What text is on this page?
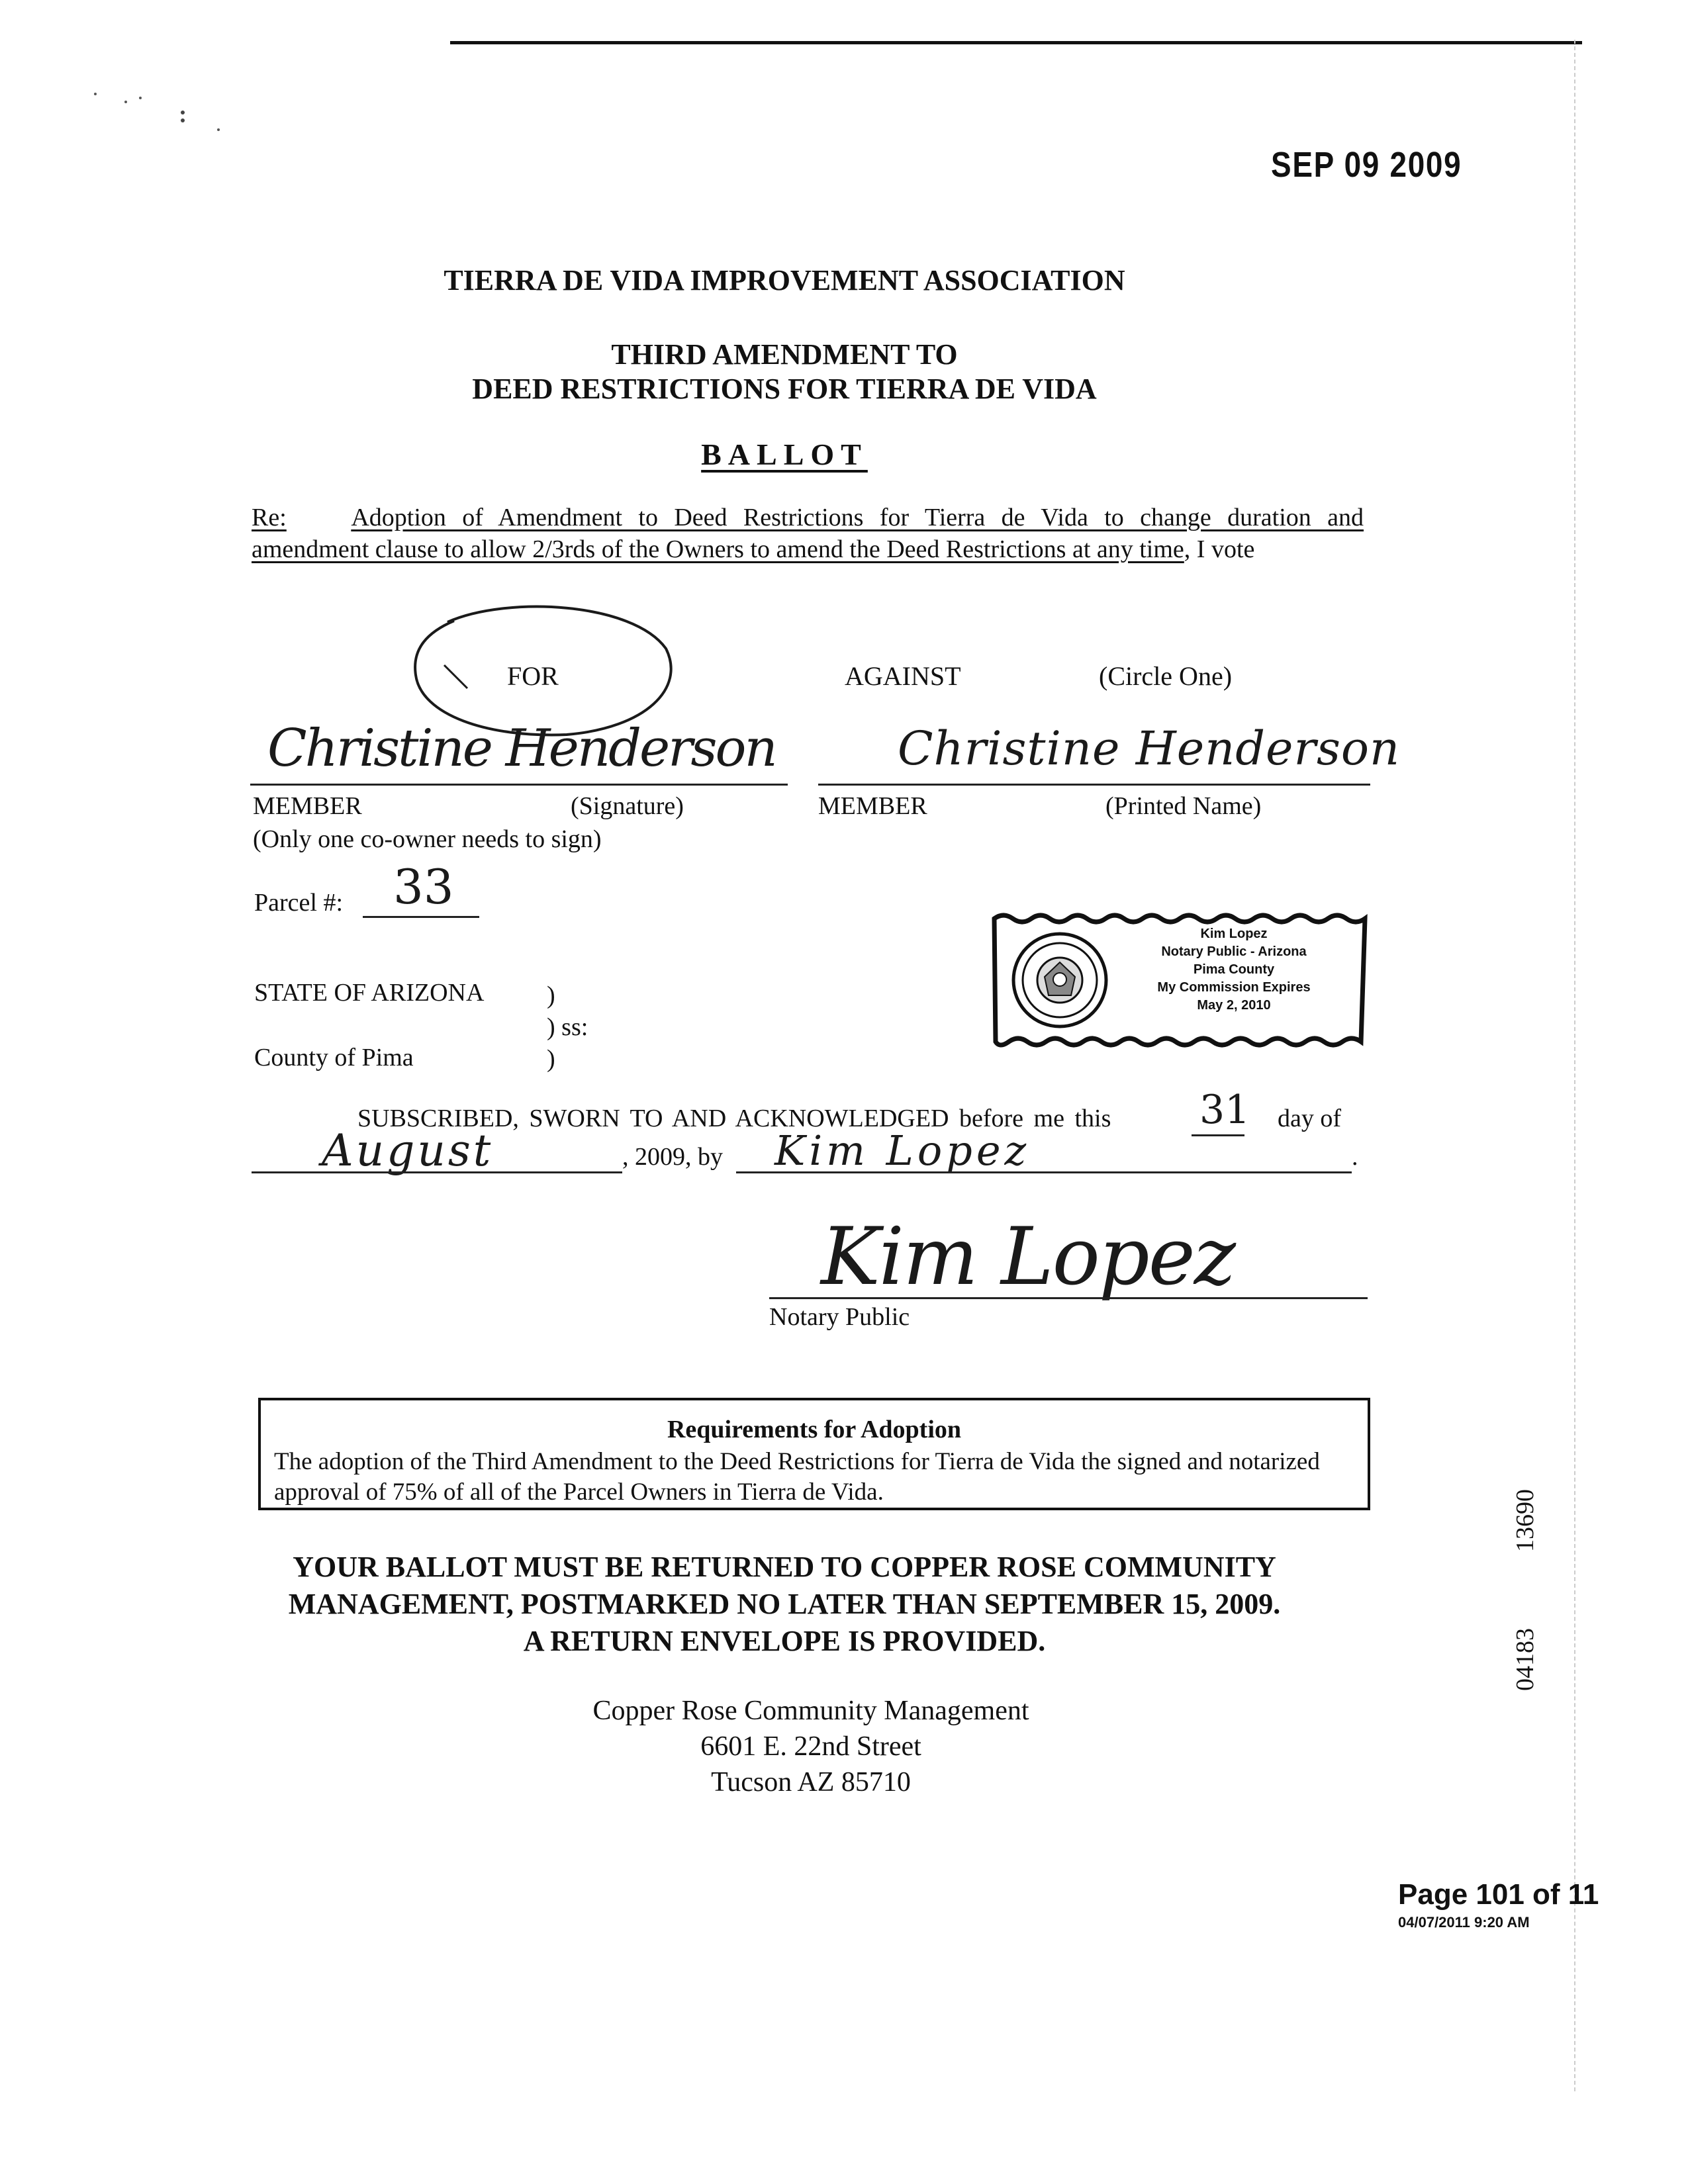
SEP 09 2009
TIERRA DE VIDA IMPROVEMENT ASSOCIATION
THIRD AMENDMENT TO
DEED RESTRICTIONS FOR TIERRA DE VIDA
BALLOT
Re:	Adoption of Amendment to Deed Restrictions for Tierra de Vida to change duration and
amendment clause to allow 2/3rds of the Owners to amend the Deed Restrictions at any time, I vote
FOR	AGAINST	(Circle One)
Christine Henderson	Christine Henderson
MEMBER	(Signature)	MEMBER	(Printed Name)
(Only one co-owner needs to sign)
Parcel #: 33
Kim Lopez
Notary Public - Arizona
Pima County
My Commission Expires
May 2, 2010
STATE OF ARIZONA )
) ss:
County of Pima	)
SUBSCRIBED, SWORN TO AND ACKNOWLEDGED before me this 31 day of
August	, 2009, by Kim Lopez	.
Kim Lopez
Notary Public
Requirements for Adoption
The adoption of the Third Amendment to the Deed Restrictions for Tierra de Vida the signed and notarized approval of 75% of all of the Parcel Owners in Tierra de Vida.
YOUR BALLOT MUST BE RETURNED TO COPPER ROSE COMMUNITY
MANAGEMENT, POSTMARKED NO LATER THAN SEPTEMBER 15, 2009.
A RETURN ENVELOPE IS PROVIDED.
Copper Rose Community Management
6601 E. 22nd Street
Tucson AZ 85710
13690
04183
Page 101 of 11
04/07/2011 9:20 AM
